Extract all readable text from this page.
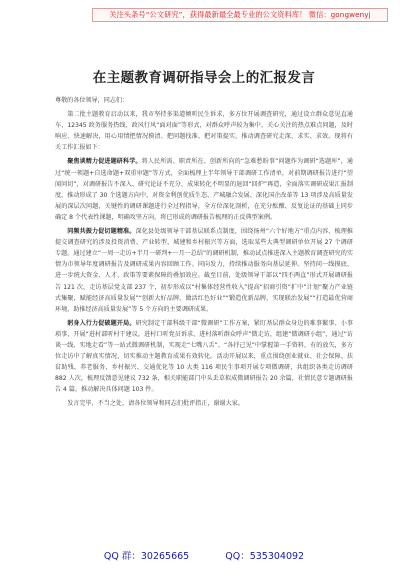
关注头条号“公文研究”，获得最新最全最专业的公文资料库！ 微信：gongwenyj
在主题教育调研指导会上的汇报发言

尊敬的各位领导，同志们：

第二批主题教育启动以来，我市坚持多渠道倾听民生诉求，多方位开展调查研究，通过设立群众意见直通车、12345 政务服务热线、政风行风“面对面”等形式，对群众呼声较为集中、关心关注的热点难点问题，及时响应、快速解决，用心用情把情况摸清、把问题找准、把对策提实，推动调查研究走深、求实、求效。现将有关工作汇报如下：

聚焦谈精力促进题研科学。将人民所需、职责所在、创新所向的“急难愁盼事”问题作为调研“选题库”，通过“统一领题+自选命题+双重审题”等方式，全面梳理上半年领导干部调研工作清单，对前期调研报告进行“望闻问切”，对调研报告不深入、研究论证不充分、成果转化不明显的退回“回炉”再造，全面落实调研成果汇报制度，推动形成了 30 个选题方向中，对资金利创优质生态、产城融合发展、深化国企改革等 13 项涉及高质量发展的深层次问题，关键性的调研课题进行全过程指导，全方位深化剖析，在充分酝酿、反复论证的基础上同步确定 8 个代表性课题，明确攻坚方向，将已形成的调研报告梳理的正反典型案例。

同频共振力促切题精准。深化县处级领导干部基层联系点制度，围绕扬州“六个好地方”重点内容，梳理推提交调查研究的涉及投资消费、产业转型、城建和乡村振兴等方面，选取某些大典型调研单位开展 27 个调研专题。通过建立“一周一走访+半月一研判+一月一总结”的调研机制，推动试点推进深入主题教育调查研究的实情为市领导年度调研报告及调研成果内容回顾工作。同向发力，持续推动服务向基层延伸。坚持问一线摸底、进一步统大资金、人才、政策等要素保障的叠加效应。截至目前，处级领导干部以“四不两直”形式开展调研报告 121 次，走访基层党支部 237 个，初步形成以“村集体经营性收入”提高“招商引资”扩中”计划“聚力产业链式集聚，赋能经济高质量发展”“创新大好品牌，做活红色好业”“锻造优新品牌，实现联治发展”“打造最优营商环境，助推经济高质量发展”等 5 个方向的主要调研成果。

躬身入行力促破题开局。研究制定干部科级干部“微调研”工作方案，紧盯基层群众身边的难事繁事、小事琐事，开展“进村部听村干建议，进村口听党员诉求，进村落听群众呼声”微走访，组建“微调研小组”，通过“访谈一线、实地走看”等一站式微调研机制，实现走“七嘴八舌”、“各抒己见”中掌握第一手资料，有的放矢，多方位走访中了解真实情况，切实推动主题教育成果有效转化。活动开展以来，重点围绕创业就业、社会保障、扶贫助残、养老服务、乡村振兴、交通优化等 10 大类 116 项民生事项开展专项微调研，共组织各类走访调研 882 人次，梳理反馈意见建议 732 条，相关职能部门中头丢草拟成微调研报告 20 余篇，社情民意专题调研报告 4 篇，推动解决具体问题 103 件。

发言完毕，不当之处，请各位领导和同志们批评指正，谢谢大家。

QQ 群：30265665	QQ：535304092
